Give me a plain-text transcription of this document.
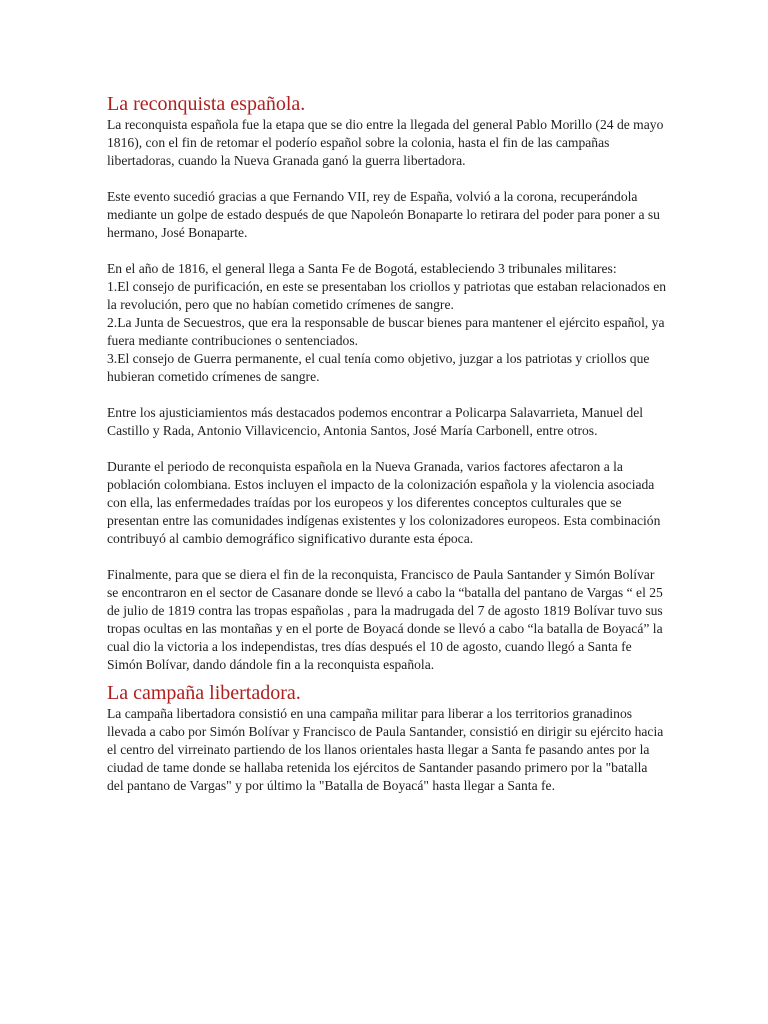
La reconquista española.

La reconquista española fue la etapa que se dio entre la llegada del general Pablo Morillo (24 de mayo 1816), con el fin de retomar el poderío español sobre la colonia, hasta el fin de las campañas libertadoras, cuando la Nueva Granada ganó la guerra libertadora.

Este evento sucedió gracias a que Fernando VII, rey de España, volvió a la corona, recuperándola mediante un golpe de estado después de que Napoleón Bonaparte lo retirara del poder para poner a su hermano, José Bonaparte.

En el año de 1816, el general llega a Santa Fe de Bogotá, estableciendo 3 tribunales militares:

1.El consejo de purificación, en este se presentaban los criollos y patriotas que estaban relacionados en la revolución, pero que no habían cometido crímenes de sangre.

2.La Junta de Secuestros, que era la responsable de buscar bienes para mantener el ejército español, ya fuera mediante contribuciones o sentenciados.

3.El consejo de Guerra permanente, el cual tenía como objetivo, juzgar a los patriotas y criollos que hubieran cometido crímenes de sangre.

Entre los ajusticiamientos más destacados podemos encontrar a Policarpa Salavarrieta, Manuel del Castillo y Rada, Antonio Villavicencio, Antonia Santos, José María Carbonell, entre otros.

Durante el periodo de reconquista española en la Nueva Granada, varios factores afectaron a la población colombiana. Estos incluyen el impacto de la colonización española y la violencia asociada con ella, las enfermedades traídas por los europeos y los diferentes conceptos culturales que se presentan entre las comunidades indígenas existentes y los colonizadores europeos. Esta combinación contribuyó al cambio demográfico significativo durante esta época.

Finalmente, para que se diera el fin de la reconquista, Francisco de Paula Santander y Simón Bolívar se encontraron en el sector de Casanare donde se llevó a cabo la “batalla del pantano de Vargas “ el 25 de julio de 1819 contra las tropas españolas , para la madrugada del 7 de agosto 1819 Bolívar tuvo sus tropas ocultas en las montañas y en el porte de Boyacá donde se llevó a cabo “la batalla de Boyacá” la cual dio la victoria a los independistas, tres días después el 10 de agosto, cuando llegó a Santa fe Simón Bolívar, dando dándole fin a la reconquista española.

La campaña libertadora.

La campaña libertadora consistió en una campaña militar para liberar a los territorios granadinos llevada a cabo por Simón Bolívar y Francisco de Paula Santander, consistió en dirigir su ejército hacia el centro del virreinato partiendo de los llanos orientales hasta llegar a Santa fe pasando antes por la ciudad de tame donde se hallaba retenida los ejércitos de Santander pasando primero por la "batalla del pantano de Vargas" y por último la "Batalla de Boyacá" hasta llegar a Santa fe.
